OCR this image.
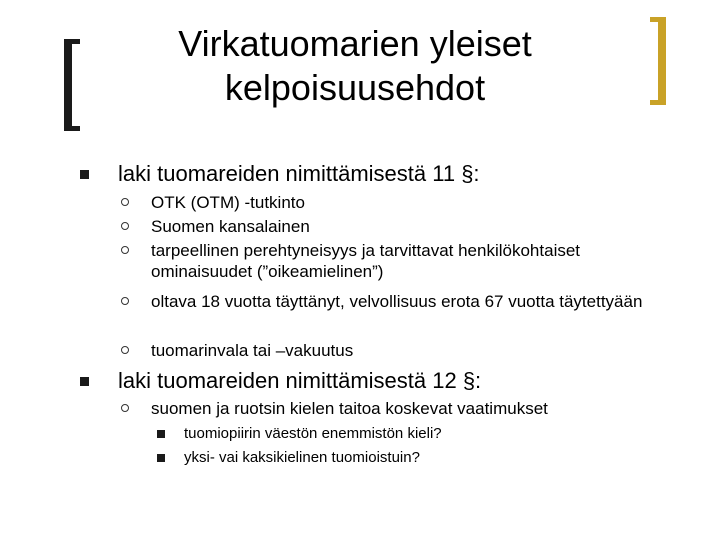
Virkatuomarien yleiset
kelpoisuusehdot
laki tuomareiden nimittämisestä 11 §:
OTK (OTM) -tutkinto
Suomen kansalainen
tarpeellinen perehtyneisyys ja tarvittavat henkilökohtaiset ominaisuudet (”oikeamielinen”)
oltava 18 vuotta täyttänyt, velvollisuus erota 67 vuotta täytettyään
tuomarinvala tai –vakuutus
laki tuomareiden nimittämisestä 12 §:
suomen ja ruotsin kielen taitoa koskevat vaatimukset
tuomiopiirin väestön enemmistön kieli?
yksi- vai kaksikielinen tuomioistuin?
